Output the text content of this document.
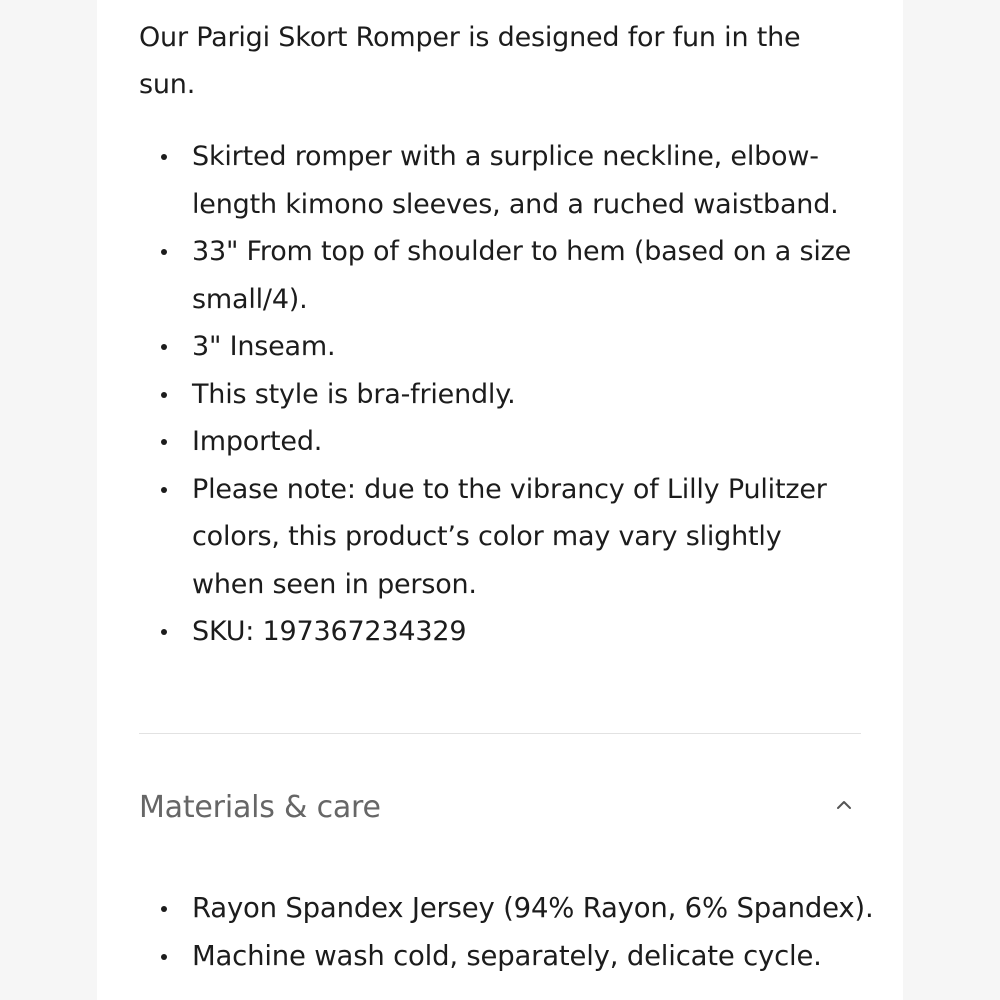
Our Parigi Skort Romper is designed for fun in the sun.

Skirted romper with a surplice neckline, elbow-length kimono sleeves, and a ruched waistband.
33" From top of shoulder to hem (based on a size small/4).
3" Inseam.
This style is bra-friendly.
Imported.
Please note: due to the vibrancy of Lilly Pulitzer colors, this product’s color may vary slightly when seen in person.
SKU: 197367234329
Materials & care
Rayon Spandex Jersey (94% Rayon, 6% Spandex).
Machine wash cold, separately, delicate cycle.
